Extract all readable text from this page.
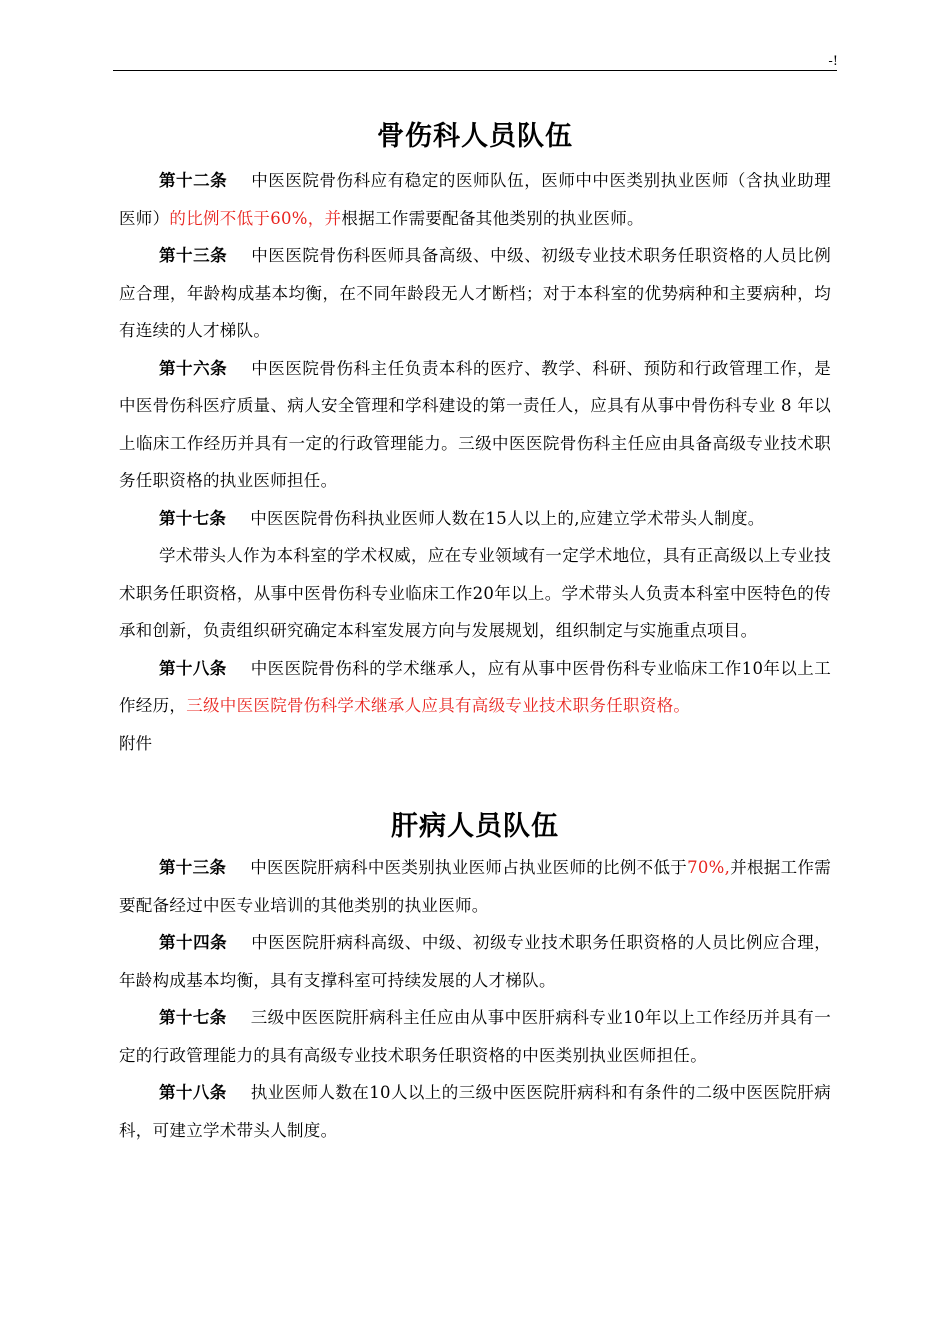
-!
骨伤科人员队伍

第十二条 中医医院骨伤科应有稳定的医师队伍，医师中中医类别执业医师（含执业助理医师）的比例不低于60%，并根据工作需要配备其他类别的执业医师。

第十三条 中医医院骨伤科医师具备高级、中级、初级专业技术职务任职资格的人员比例应合理，年龄构成基本均衡，在不同年龄段无人才断档；对于本科室的优势病种和主要病种，均有连续的人才梯队。

第十六条 中医医院骨伤科主任负责本科的医疗、教学、科研、预防和行政管理工作，是中医骨伤科医疗质量、病人安全管理和学科建设的第一责任人，应具有从事中骨伤科专业 8 年以上临床工作经历并具有一定的行政管理能力。三级中医医院骨伤科主任应由具备高级专业技术职务任职资格的执业医师担任。

第十七条 中医医院骨伤科执业医师人数在15人以上的,应建立学术带头人制度。

学术带头人作为本科室的学术权威，应在专业领域有一定学术地位，具有正高级以上专业技术职务任职资格，从事中医骨伤科专业临床工作20年以上。学术带头人负责本科室中医特色的传承和创新，负责组织研究确定本科室发展方向与发展规划，组织制定与实施重点项目。

第十八条 中医医院骨伤科的学术继承人，应有从事中医骨伤科专业临床工作10年以上工作经历，三级中医医院骨伤科学术继承人应具有高级专业技术职务任职资格。

附件

肝病人员队伍

第十三条 中医医院肝病科中医类别执业医师占执业医师的比例不低于70%,并根据工作需要配备经过中医专业培训的其他类别的执业医师。

第十四条 中医医院肝病科高级、中级、初级专业技术职务任职资格的人员比例应合理，年龄构成基本均衡，具有支撑科室可持续发展的人才梯队。

第十七条 三级中医医院肝病科主任应由从事中医肝病科专业10年以上工作经历并具有一定的行政管理能力的具有高级专业技术职务任职资格的中医类别执业医师担任。

第十八条 执业医师人数在10人以上的三级中医医院肝病科和有条件的二级中医医院肝病科，可建立学术带头人制度。
